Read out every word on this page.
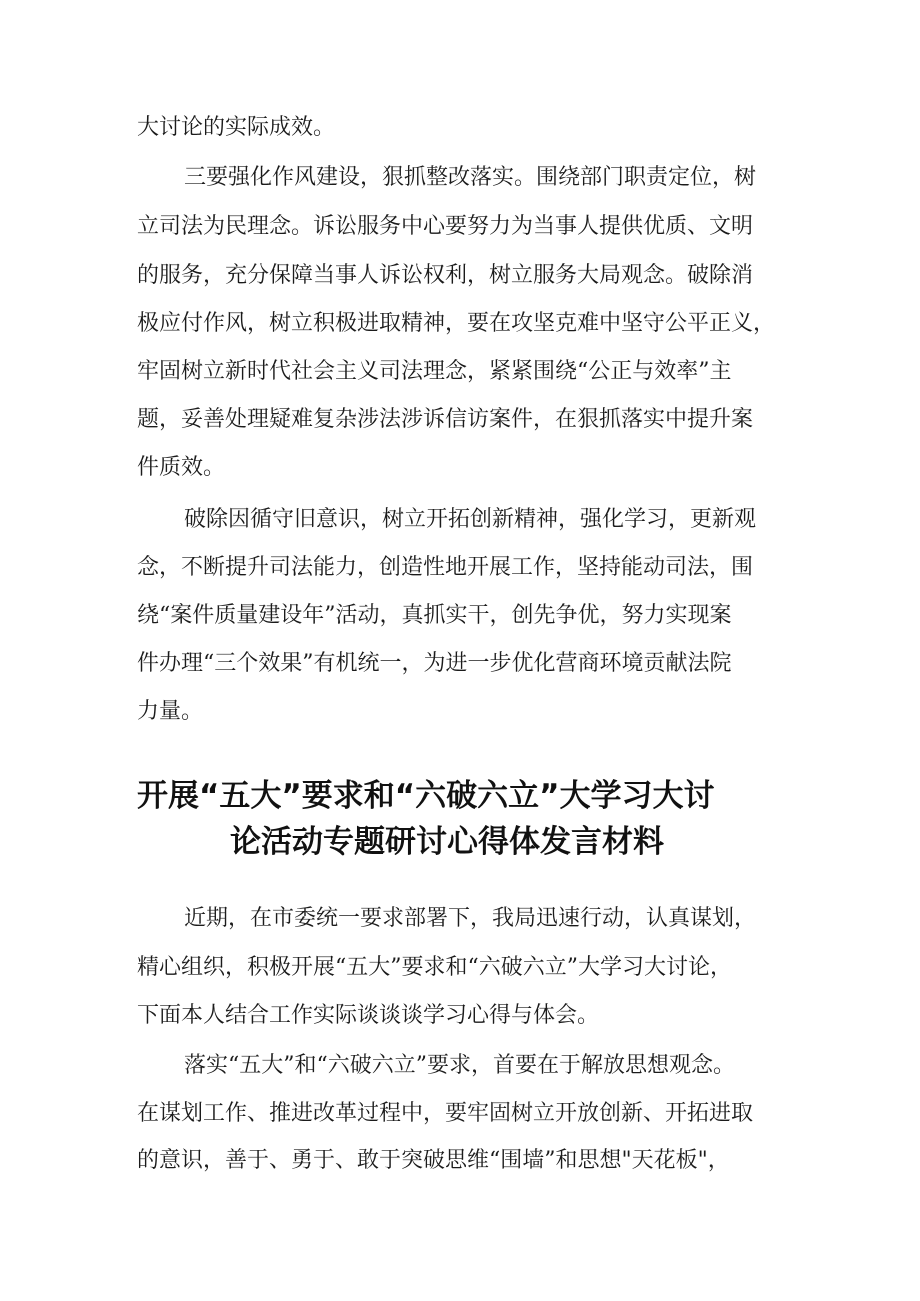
大讨论的实际成效。
三要强化作风建设，狠抓整改落实。围绕部门职责定位，树
立司法为民理念。诉讼服务中心要努力为当事人提供优质、文明
的服务，充分保障当事人诉讼权利，树立服务大局观念。破除消
极应付作风，树立积极进取精神，要在攻坚克难中坚守公平正义，
牢固树立新时代社会主义司法理念，紧紧围绕“公正与效率”主
题，妥善处理疑难复杂涉法涉诉信访案件，在狠抓落实中提升案
件质效。
破除因循守旧意识，树立开拓创新精神，强化学习，更新观
念，不断提升司法能力，创造性地开展工作，坚持能动司法，围
绕“案件质量建设年”活动，真抓实干，创先争优，努力实现案
件办理“三个效果”有机统一，为进一步优化营商环境贡献法院
力量。
开展“五大”要求和“六破六立”大学习大讨
论活动专题研讨心得体发言材料
近期，在市委统一要求部署下，我局迅速行动，认真谋划，
精心组织，积极开展“五大”要求和“六破六立”大学习大讨论，
下面本人结合工作实际谈谈谈学习心得与体会。
落实“五大”和“六破六立”要求，首要在于解放思想观念。
在谋划工作、推进改革过程中，要牢固树立开放创新、开拓进取
的意识，善于、勇于、敢于突破思维“围墙”和思想"天花板"，
